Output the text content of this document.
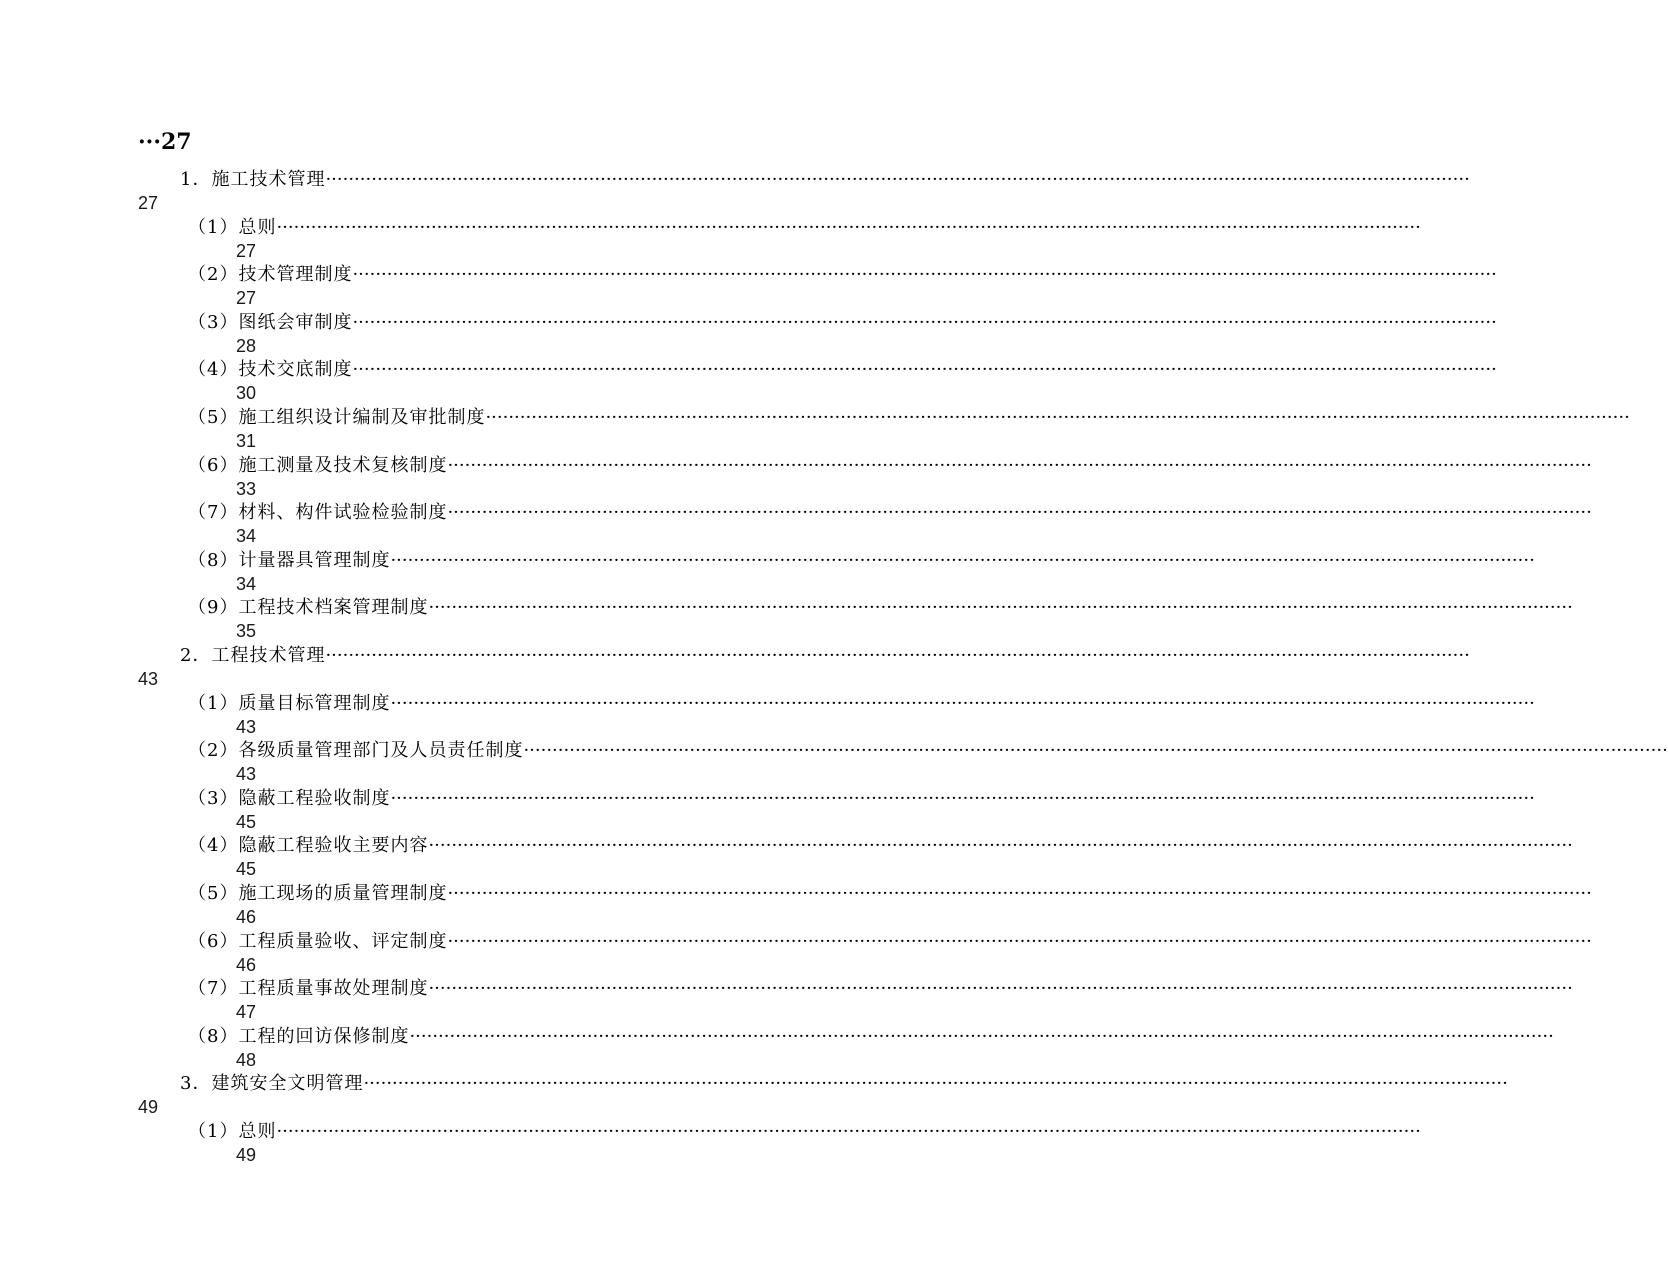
···27
1．施工技术管理········································································································································································································
27
（1）总则········································································································································································································
27
（2）技术管理制度········································································································································································································
27
（3）图纸会审制度········································································································································································································
28
（4）技术交底制度········································································································································································································
30
（5）施工组织设计编制及审批制度········································································································································································································
31
（6）施工测量及技术复核制度········································································································································································································
33
（7）材料、构件试验检验制度········································································································································································································
34
（8）计量器具管理制度········································································································································································································
34
（9）工程技术档案管理制度········································································································································································································
35
2．工程技术管理········································································································································································································
43
（1）质量目标管理制度········································································································································································································
43
（2）各级质量管理部门及人员责任制度········································································································································································································
43
（3）隐蔽工程验收制度········································································································································································································
45
（4）隐蔽工程验收主要内容········································································································································································································
45
（5）施工现场的质量管理制度········································································································································································································
46
（6）工程质量验收、评定制度········································································································································································································
46
（7）工程质量事故处理制度········································································································································································································
47
（8）工程的回访保修制度········································································································································································································
48
3．建筑安全文明管理········································································································································································································
49
（1）总则········································································································································································································
49
